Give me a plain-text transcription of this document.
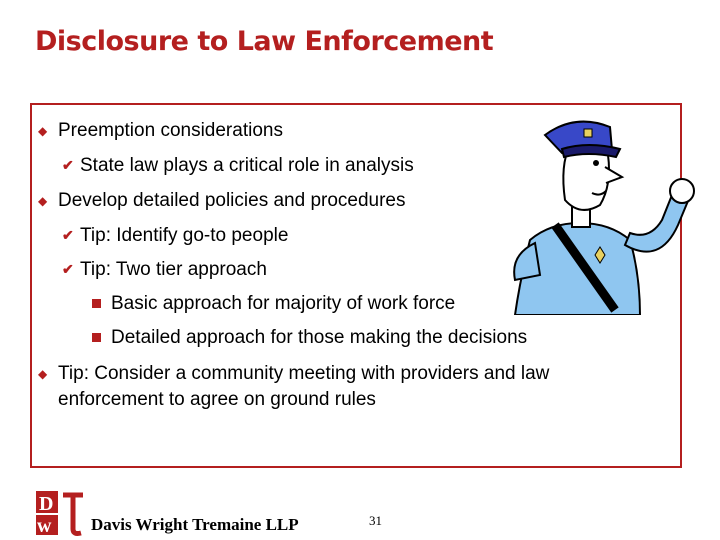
Disclosure to Law Enforcement
◆ Preemption considerations
✔ State law plays a critical role in analysis
◆ Develop detailed policies and procedures
✔ Tip: Identify go-to people
✔ Tip: Two tier approach
Basic approach for majority of work force
Detailed approach for those making the decisions
◆ Tip: Consider a community meeting with providers and law
enforcement to agree on ground rules
D
w Davis Wright Tremaine LLP	31
